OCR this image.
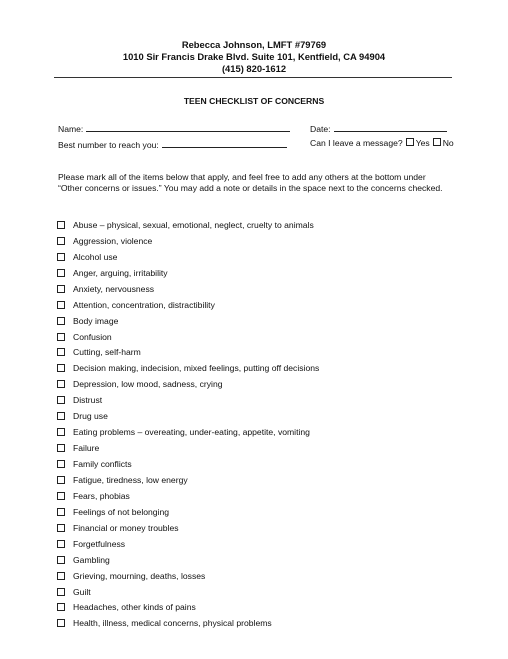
Rebecca Johnson, LMFT #79769
1010 Sir Francis Drake Blvd. Suite 101, Kentfield, CA 94904
(415) 820-1612
TEEN CHECKLIST OF CONCERNS
Name:	Date:
Best number to reach you:	Can I leave a message? Yes No
Please mark all of the items below that apply, and feel free to add any others at the bottom under “Other concerns or issues.” You may add a note or details in the space next to the concerns checked.
Abuse – physical, sexual, emotional, neglect, cruelty to animals
Aggression, violence
Alcohol use
Anger, arguing, irritability
Anxiety, nervousness
Attention, concentration, distractibility
Body image
Confusion
Cutting, self-harm
Decision making, indecision, mixed feelings, putting off decisions
Depression, low mood, sadness, crying
Distrust
Drug use
Eating problems – overeating, under-eating, appetite, vomiting
Failure
Family conflicts
Fatigue, tiredness, low energy
Fears, phobias
Feelings of not belonging
Financial or money troubles
Forgetfulness
Gambling
Grieving, mourning, deaths, losses
Guilt
Headaches, other kinds of pains
Health, illness, medical concerns, physical problems
